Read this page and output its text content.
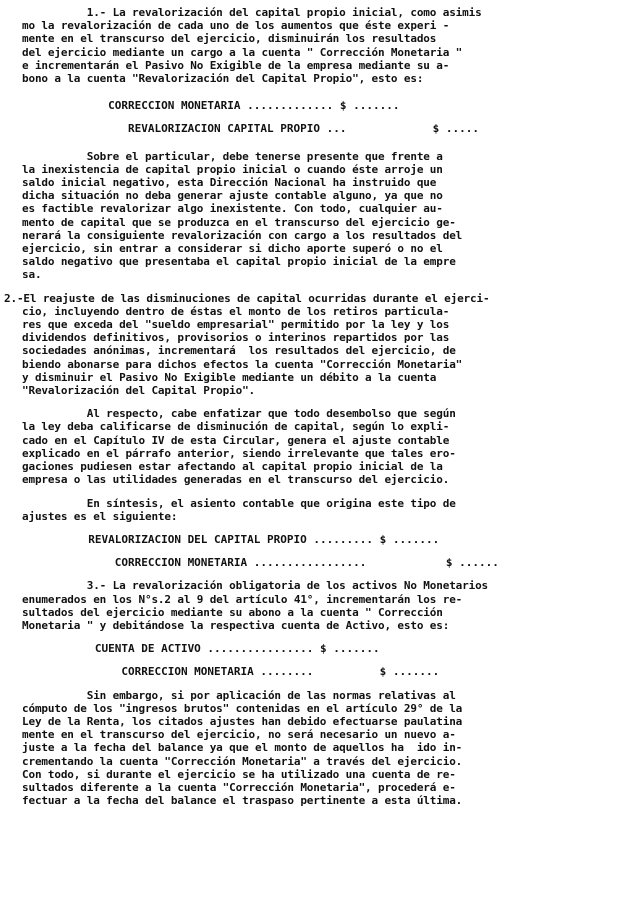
1.- La revalorización del capital propio inicial, como asimis

mo la revalorización de cada uno de los aumentos que éste experi -

mente en el transcurso del ejercicio, disminuirán los resultados

del ejercicio mediante un cargo a la cuenta " Corrección Monetaria "

e incrementarán el Pasivo No Exigible de la empresa mediante su a-

bono a la cuenta "Revalorización del Capital Propio", esto es:

CORRECCION MONETARIA ............. $ .......

REVALORIZACION CAPITAL PROPIO ...             $ .....

Sobre el particular, debe tenerse presente que frente a

la inexistencia de capital propio inicial o cuando éste arroje un

saldo inicial negativo, esta Dirección Nacional ha instruido que

dicha situación no deba generar ajuste contable alguno, ya que no

es factible revalorizar algo inexistente. Con todo, cualquier au-

mento de capital que se produzca en el transcurso del ejercicio ge-

nerará la consiguiente revalorización con cargo a los resultados del

ejercicio, sin entrar a considerar si dicho aporte superó o no el

saldo negativo que presentaba el capital propio inicial de la empre

sa.

2.-El reajuste de las disminuciones de capital ocurridas durante el ejerci-

cio, incluyendo dentro de éstas el monto de los retiros particula-

res que exceda del "sueldo empresarial" permitido por la ley y los

dividendos definitivos, provisorios o interinos repartidos por las

sociedades anónimas, incrementará  los resultados del ejercicio, de

biendo abonarse para dichos efectos la cuenta "Corrección Monetaria"

y disminuir el Pasivo No Exigible mediante un débito a la cuenta

"Revalorización del Capital Propio".

Al respecto, cabe enfatizar que todo desembolso que según

la ley deba calificarse de disminución de capital, según lo expli-

cado en el Capítulo IV de esta Circular, genera el ajuste contable

explicado en el párrafo anterior, siendo irrelevante que tales ero-

gaciones pudiesen estar afectando al capital propio inicial de la

empresa o las utilidades generadas en el transcurso del ejercicio.

En síntesis, el asiento contable que origina este tipo de

ajustes es el siguiente:

REVALORIZACION DEL CAPITAL PROPIO ......... $ .......

CORRECCION MONETARIA .................            $ ......

3.- La revalorización obligatoria de los activos No Monetarios

enumerados en los N°s.2 al 9 del artículo 41°, incrementarán los re-

sultados del ejercicio mediante su abono a la cuenta " Corrección

Monetaria " y debitándose la respectiva cuenta de Activo, esto es:

CUENTA DE ACTIVO ................ $ .......

CORRECCION MONETARIA ........          $ .......

Sin embargo, si por aplicación de las normas relativas al

cómputo de los "ingresos brutos" contenidas en el artículo 29° de la

Ley de la Renta, los citados ajustes han debido efectuarse paulatina

mente en el transcurso del ejercicio, no será necesario un nuevo a-

juste a la fecha del balance ya que el monto de aquellos ha  ido in-

crementando la cuenta "Corrección Monetaria" a través del ejercicio.

Con todo, si durante el ejercicio se ha utilizado una cuenta de re-

sultados diferente a la cuenta "Corrección Monetaria", procederá e-

fectuar a la fecha del balance el traspaso pertinente a esta última.
